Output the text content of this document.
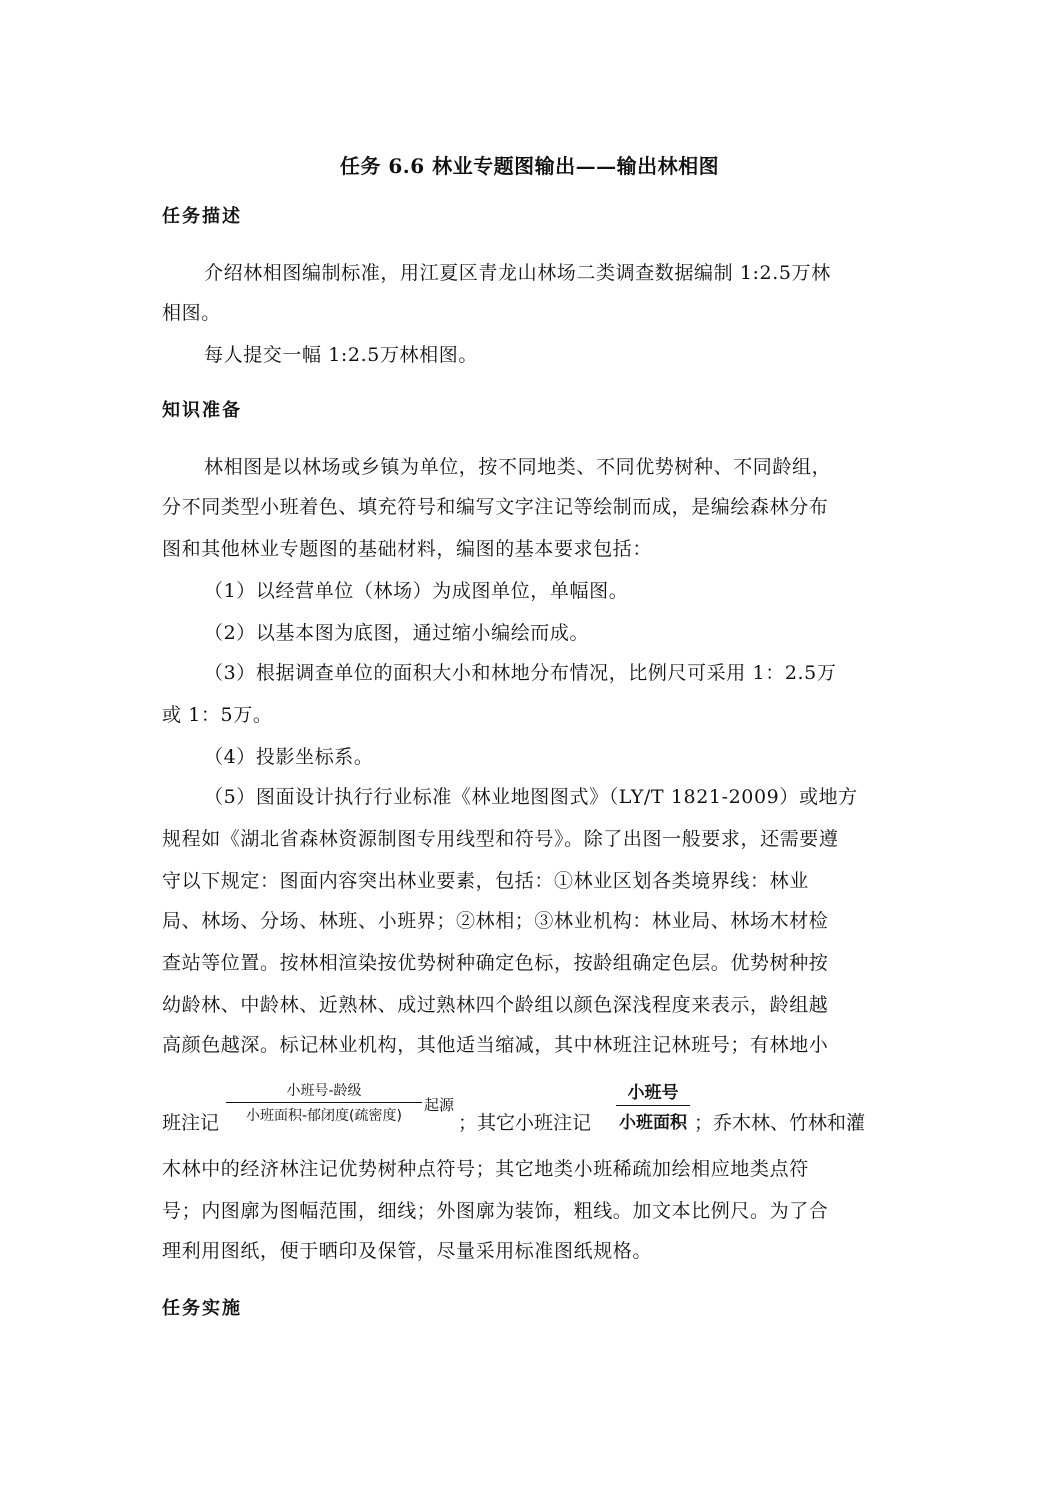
任务 6.6 林业专题图输出——输出林相图
任务描述
介绍林相图编制标准，用江夏区青龙山林场二类调查数据编制 1:2.5万林
相图。
每人提交一幅 1:2.5万林相图。
知识准备
林相图是以林场或乡镇为单位，按不同地类、不同优势树种、不同龄组，
分不同类型小班着色、填充符号和编写文字注记等绘制而成，是编绘森林分布
图和其他林业专题图的基础材料，编图的基本要求包括：
（1）以经营单位（林场）为成图单位，单幅图。
（2）以基本图为底图，通过缩小编绘而成。
（3）根据调查单位的面积大小和林地分布情况，比例尺可采用 1：2.5万
或 1：5万。
（4）投影坐标系。
（5）图面设计执行行业标准《林业地图图式》（LY/T 1821-2009）或地方
规程如《湖北省森林资源制图专用线型和符号》。除了出图一般要求，还需要遵
守以下规定：图面内容突出林业要素，包括：①林业区划各类境界线：林业
局、林场、分场、林班、小班界；②林相；③林业机构：林业局、林场木材检
查站等位置。按林相渲染按优势树种确定色标，按龄组确定色层。优势树种按
幼龄林、中龄林、近熟林、成过熟林四个龄组以颜色深浅程度来表示，龄组越
高颜色越深。标记林业机构，其他适当缩减，其中林班注记林班号；有林地小
班注记
小班号-龄级
小班面积-郁闭度(疏密度)
起源
；其它小班注记
小班号
小班面积 ；乔木林、竹林和灌
木林中的经济林注记优势树种点符号；其它地类小班稀疏加绘相应地类点符
号；内图廓为图幅范围，细线；外图廓为装饰，粗线。加文本比例尺。为了合
理利用图纸，便于晒印及保管，尽量采用标准图纸规格。
任务实施
